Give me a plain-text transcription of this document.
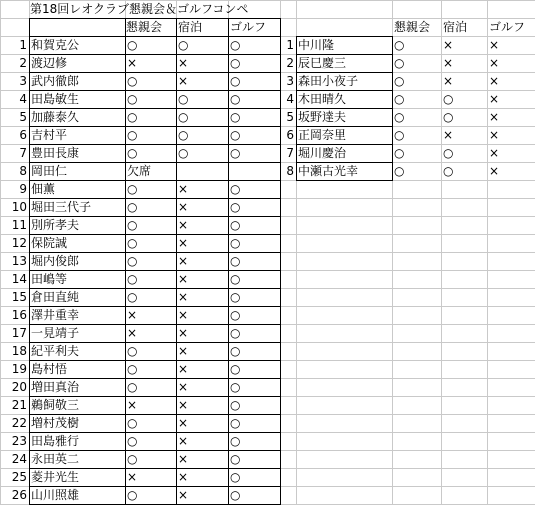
第18回レオクラブ懇親会＆ゴルフコンペ
懇親会	宿泊	ゴルフ	懇親会	宿泊	ゴルフ
1 和賀克公	○	○	○
2 渡辺修	×	×	○
3 武内徹郎	○	×	○
4 田島敏生	○	○	○
5 加藤泰久	○	○	○
6 吉村平	○	○	○
7 豊田長康	○	○	○
8 岡田仁	欠席
9 佃薫	○	×	○
10 堀田三代子	○	×	○
11 別所孝夫	○	×	○
12 保院誠	○	×	○
13 堀内俊郎	○	×	○
14 田嶋等	○	×	○
15 倉田直純	○	×	○
16 澤井重幸	×	×	○
17 一見靖子	×	×	○
18 紀平利夫	○	×	○
19 島村悟	○	×	○
20 増田真治	○	×	○
21 鵜飼敬三	×	×	○
22 増村茂樹	○	×	○
23 田島雅行	○	×	○
24 永田英二	○	×	○
25 菱井光生	×	×	○
26 山川照雄	○	×	○
1 中川隆	○	×	×
2 辰巳慶三	○	×	×
3 森田小夜子	○	×	×
4 木田晴久	○	○	×
5 坂野達夫	○	○	×
6 正岡奈里	○	×	×
7 堀川慶治	○	○	×
8 中瀬古光幸	○	○	×
